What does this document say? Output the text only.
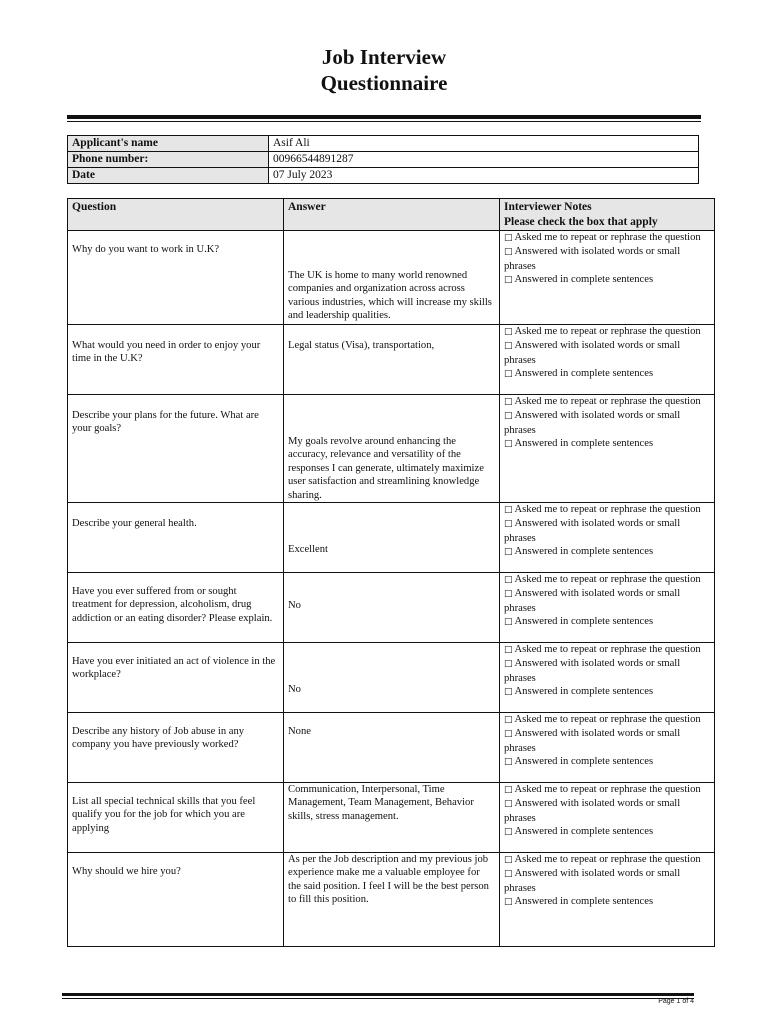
Job Interview
Questionnaire
Applicant's name	Asif Ali
Phone number:	00966544891287
Date	07 July 2023
Question	Answer	Interviewer Notes
Please check the box that apply

Why do you want to work in U.K?	The UK is home to many world renowned companies and organization across across various industries, which will increase my skills and leadership qualities.	□ Asked me to repeat or rephrase the question
□ Answered with isolated words or small phrases
□ Answered in complete sentences

What would you need in order to enjoy your time in the U.K?	Legal status (Visa), transportation,	□ Asked me to repeat or rephrase the question
□ Answered with isolated words or small phrases
□ Answered in complete sentences

Describe your plans for the future. What are your goals?	My goals revolve around enhancing the accuracy, relevance and versatility of the responses I can generate, ultimately maximize user satisfaction and streamlining knowledge sharing.	□ Asked me to repeat or rephrase the question
□ Answered with isolated words or small phrases
□ Answered in complete sentences

Describe your general health.	Excellent	□ Asked me to repeat or rephrase the question
□ Answered with isolated words or small phrases
□ Answered in complete sentences

Have you ever suffered from or sought treatment for depression, alcoholism, drug addiction or an eating disorder? Please explain.	No	□ Asked me to repeat or rephrase the question
□ Answered with isolated words or small phrases
□ Answered in complete sentences

Have you ever initiated an act of violence in the workplace?	No	□ Asked me to repeat or rephrase the question
□ Answered with isolated words or small phrases
□ Answered in complete sentences

Describe any history of Job abuse in any company you have previously worked?	None	□ Asked me to repeat or rephrase the question
□ Answered with isolated words or small phrases
□ Answered in complete sentences

List all special technical skills that you feel qualify you for the job for which you are applying	Communication, Interpersonal, Time Management, Team Management, Behavior skills, stress management.	□ Asked me to repeat or rephrase the question
□ Answered with isolated words or small phrases
□ Answered in complete sentences

Why should we hire you?	As per the Job description and my previous job experience make me a valuable employee for the said position. I feel I will be the best person to fill this position.	□ Asked me to repeat or rephrase the question
□ Answered with isolated words or small phrases
□ Answered in complete sentences
Page 1 of 4
